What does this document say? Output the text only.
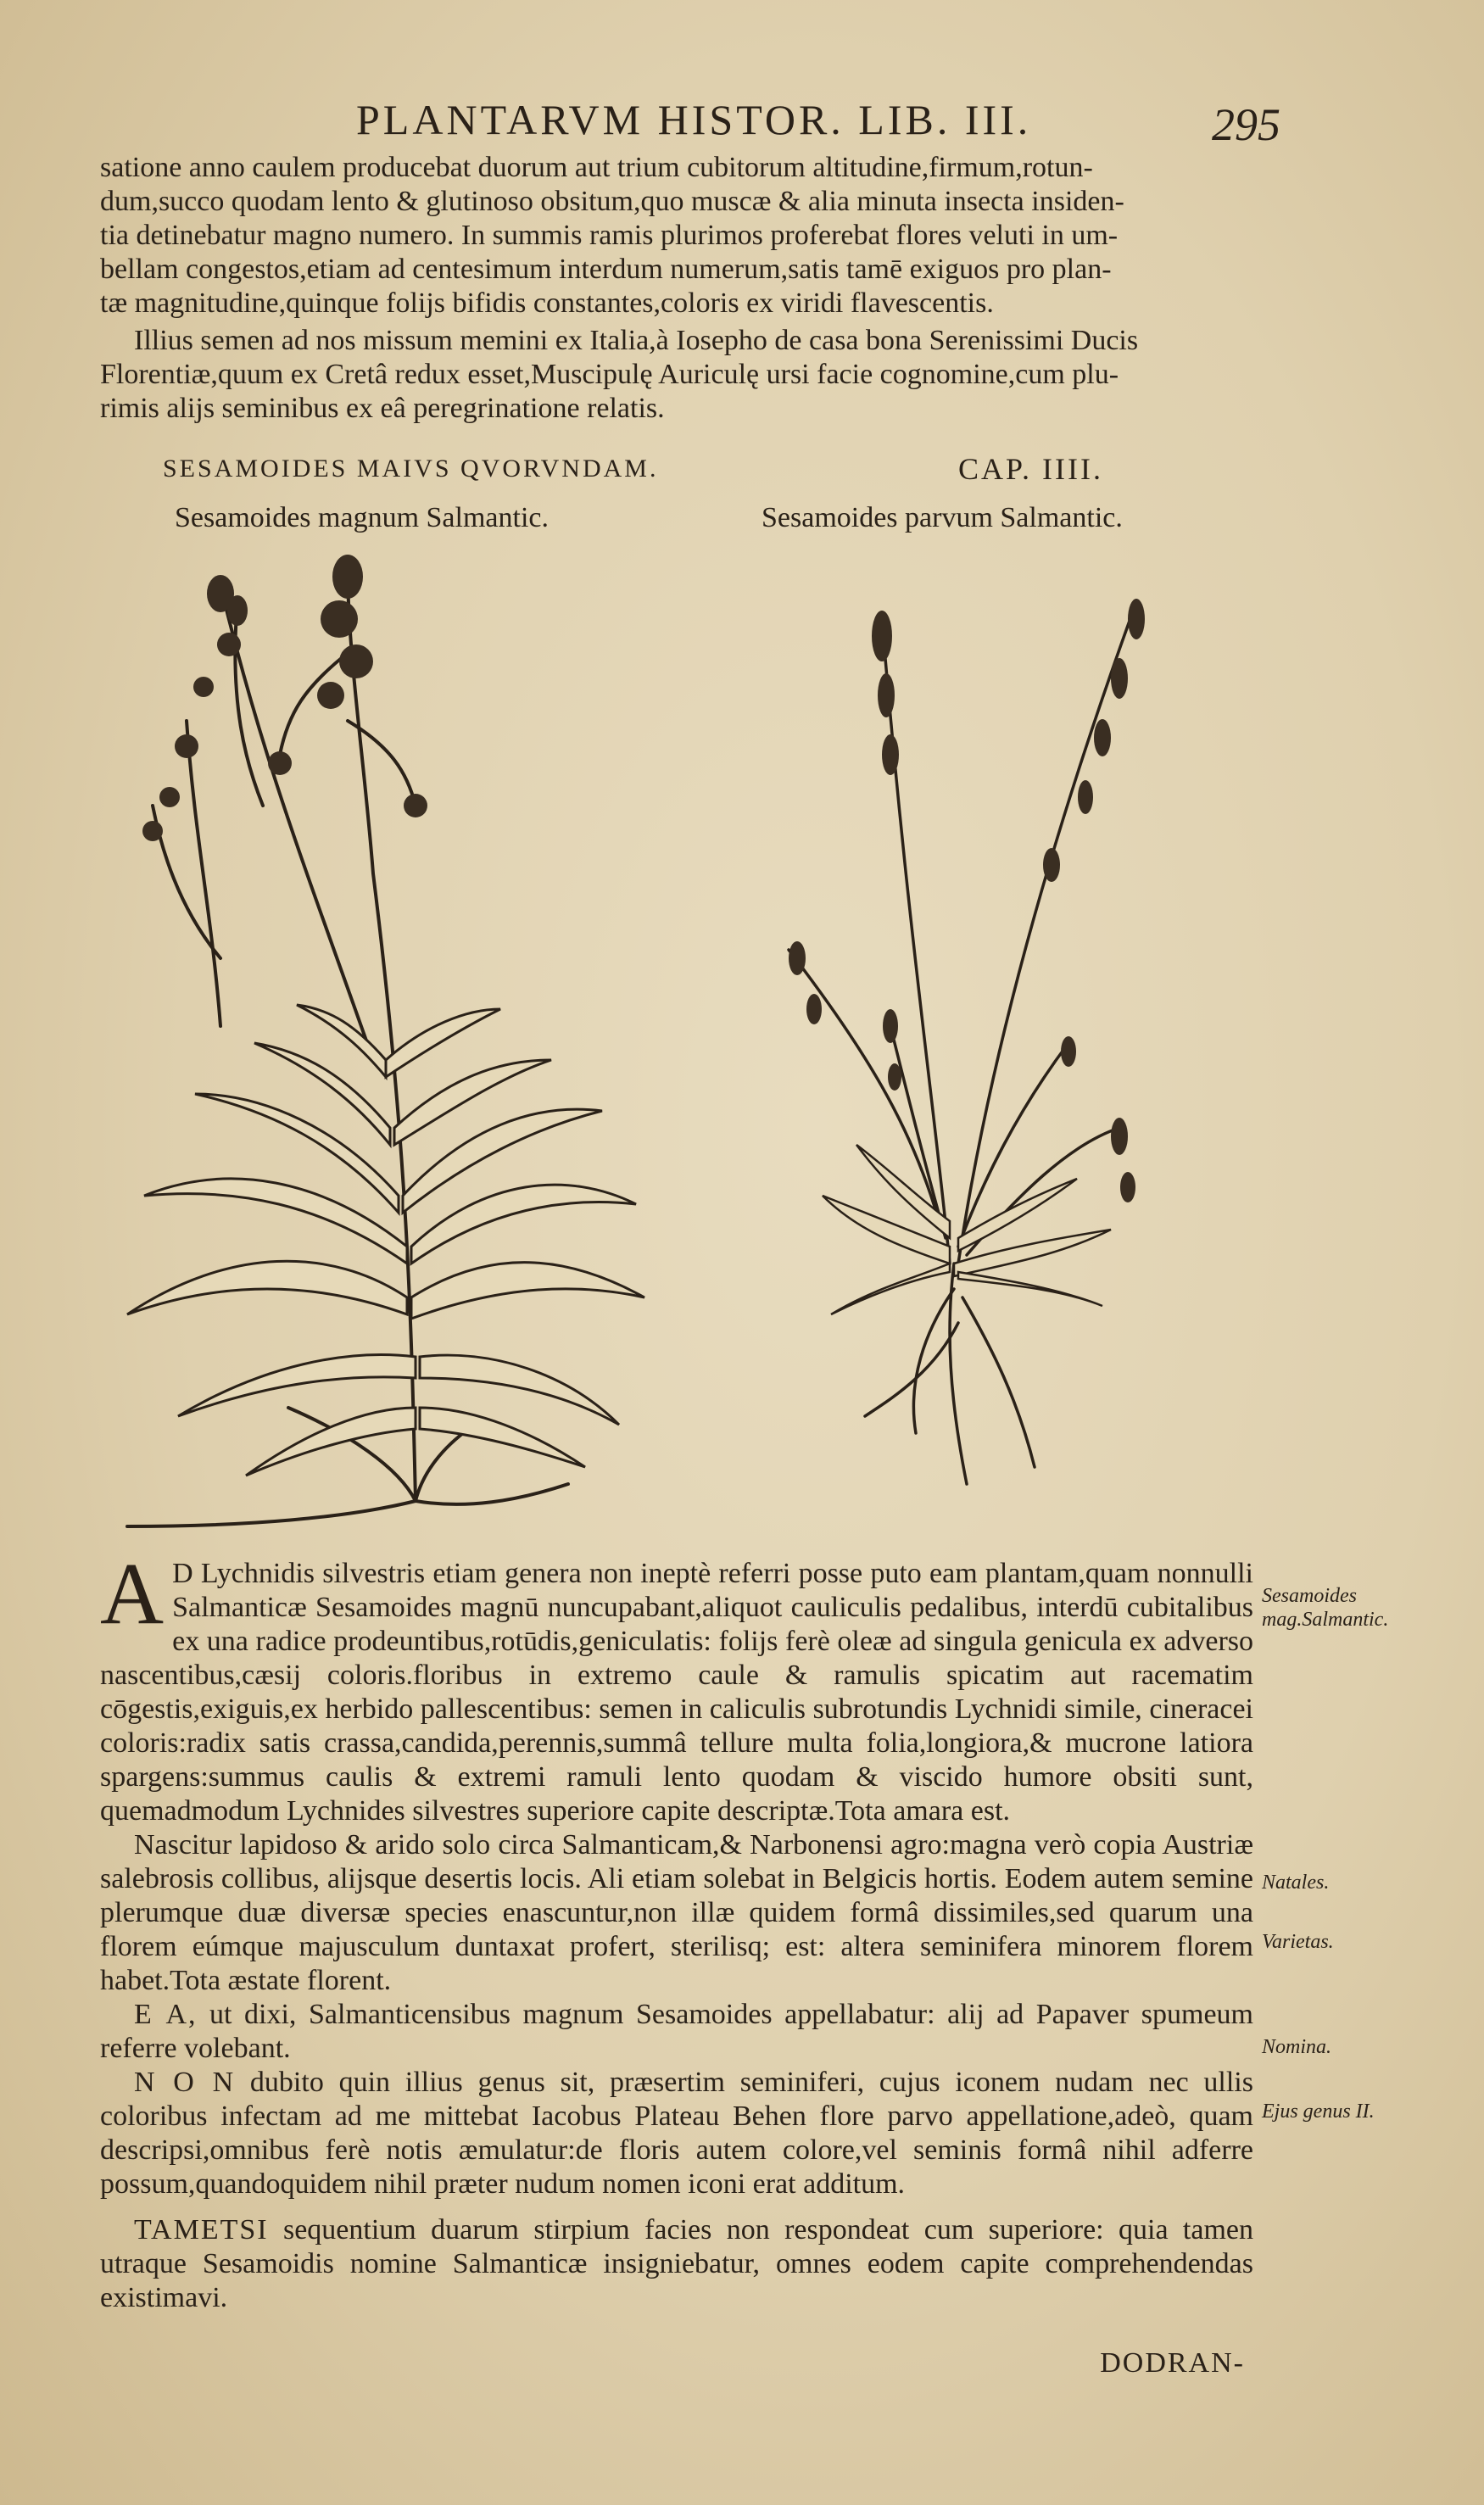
PLANTARVM HISTOR. LIB. III.	295

satione anno caulem producebat duorum aut trium cubitorum altitudine,firmum,rotun-

dum,succo quodam lento & glutinoso obsitum,quo muscæ & alia minuta insecta insiden-

tia detinebatur magno numero. In summis ramis plurimos proferebat flores veluti in um-

bellam congestos,etiam ad centesimum interdum numerum,satis tamē exiguos pro plan-

tæ magnitudine,quinque folijs bifidis constantes,coloris ex viridi flavescentis.

Illius semen ad nos missum memini ex Italia,à Iosepho de casa bona Serenissimi Ducis

Florentiæ,quum ex Cretâ redux esset,Muscipulę Auriculę ursi facie cognomine,cum plu-

rimis alijs seminibus ex eâ peregrinatione relatis.

SESAMOIDES MAIVS QVORVNDAM.	CAP. IIII.
Sesamoides magnum Salmantic.	Sesamoides parvum Salmantic.

A D Lychnidis silvestris etiam genera non ineptè referri posse puto eam plantam,quam nonnulli Salmanticæ Sesamoides magnū nuncupabant,aliquot cauliculis pedalibus, interdū cubitalibus ex una radice prodeuntibus,rotūdis,geniculatis: folijs ferè oleæ ad singula genicula ex adverso nascentibus,cæsij coloris.floribus in extremo caule & ramulis spicatim aut racematim cōgestis,exiguis,ex herbido pallescentibus: semen in caliculis subrotundis Lychnidi simile, cineracei coloris:radix satis crassa,candida,perennis,summâ tellure multa folia,longiora,& mucrone latiora spargens:summus caulis & extremi ramuli lento quodam & viscido humore obsiti sunt, quemadmodum Lychnides silvestres superiore capite descriptæ.Tota amara est.

Nascitur lapidoso & arido solo circa Salmanticam,& Narbonensi agro:magna verò copia Austriæ salebrosis collibus, alijsque desertis locis. Ali etiam solebat in Belgicis hortis. Eodem autem semine plerumque duæ diversæ species enascuntur,non illæ quidem formâ dissimiles,sed quarum una florem eúmque majusculum duntaxat profert, sterilisq; est: altera seminifera minorem florem habet.Tota æstate florent.

E A, ut dixi, Salmanticensibus magnum Sesamoides appellabatur: alij ad Papaver spumeum referre volebant.

N O N dubito quin illius genus sit, præsertim seminiferi, cujus iconem nudam nec ullis coloribus infectam ad me mittebat Iacobus Plateau Behen flore parvo appellatione,adeò, quam descripsi,omnibus ferè notis æmulatur:de floris autem colore,vel seminis formâ nihil adferre possum,quandoquidem nihil præter nudum nomen iconi erat additum.

TAMETSI sequentium duarum stirpium facies non respondeat cum superiore: quia tamen utraque Sesamoidis nomine Salmanticæ insigniebatur, omnes eodem capite comprehendendas existimavi.

Sesamoides mag.Salmantic.
Natales.
Varietas.
Nomina.
Ejus genus II.
DODRAN-
